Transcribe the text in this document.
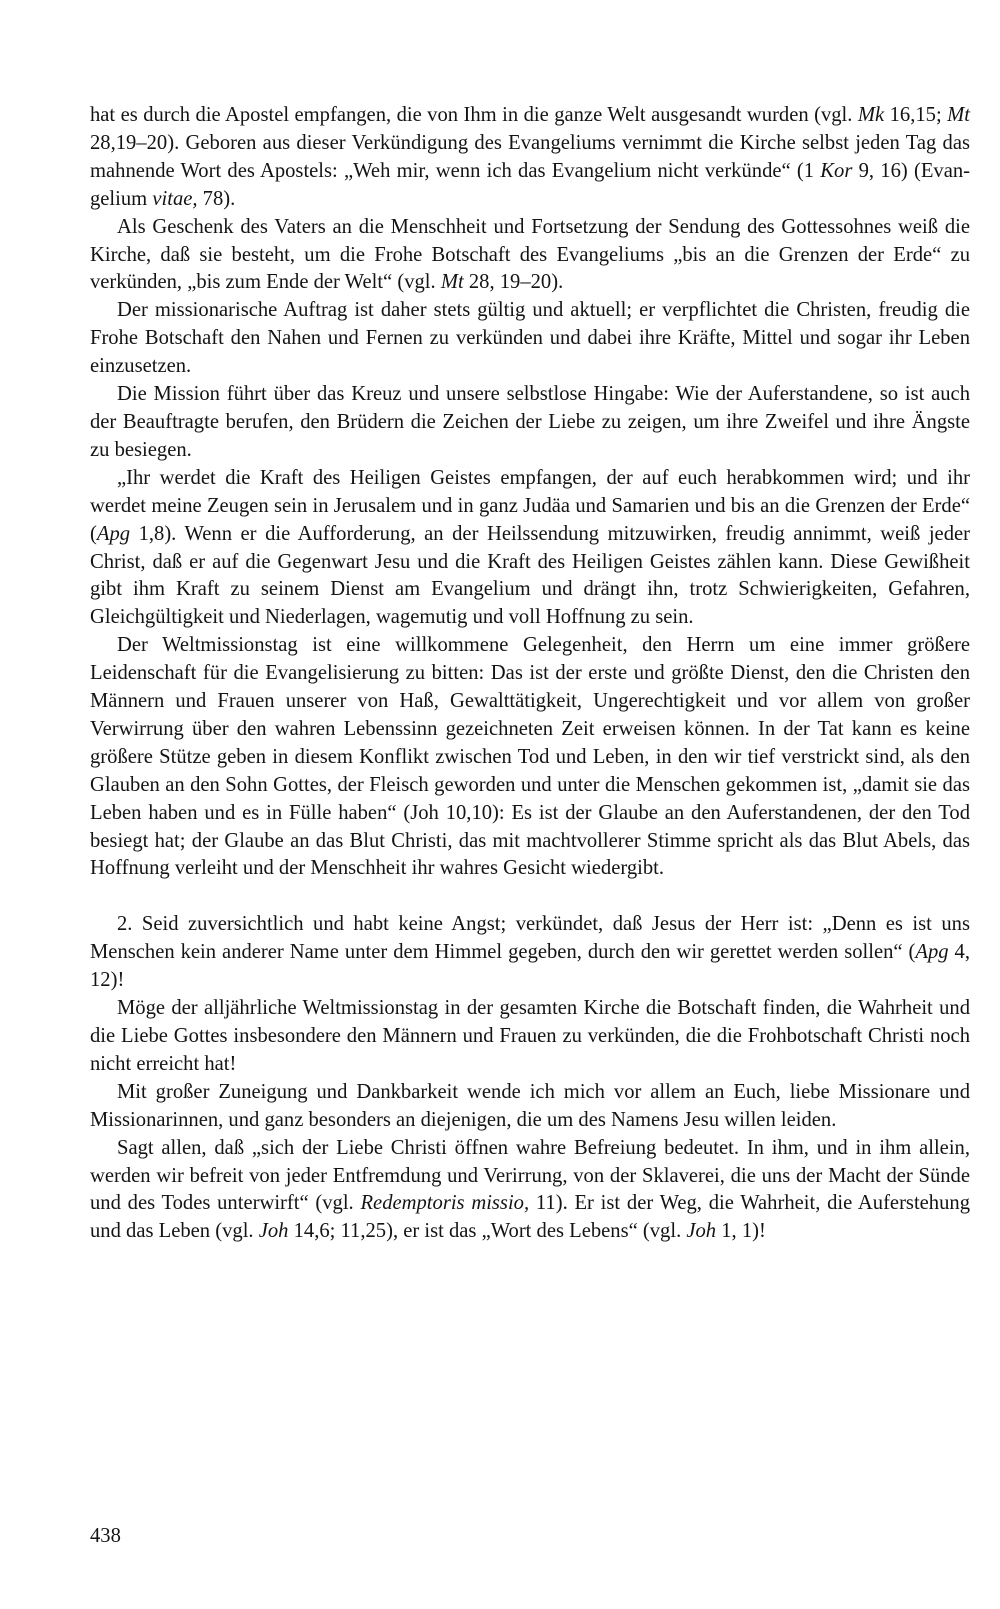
hat es durch die Apostel empfangen, die von Ihm in die ganze Welt ausgesandt wurden (vgl. Mk 16,15; Mt 28,19–20). Geboren aus dieser Verkündigung des Evangeliums vernimmt die Kirche selbst jeden Tag das mahnende Wort des Apostels: „Weh mir, wenn ich das Evangelium nicht verkünde“ (1 Kor 9, 16) (Evangelium vitae, 78).

Als Geschenk des Vaters an die Menschheit und Fortsetzung der Sendung des Gottessohnes weiß die Kirche, daß sie besteht, um die Frohe Botschaft des Evangeliums „bis an die Grenzen der Erde“ zu verkünden, „bis zum Ende der Welt“ (vgl. Mt 28, 19–20).

Der missionarische Auftrag ist daher stets gültig und aktuell; er verpflichtet die Christen, freudig die Frohe Botschaft den Nahen und Fernen zu verkünden und dabei ihre Kräfte, Mittel und sogar ihr Leben einzusetzen.

Die Mission führt über das Kreuz und unsere selbstlose Hingabe: Wie der Auferstandene, so ist auch der Beauftragte berufen, den Brüdern die Zeichen der Liebe zu zeigen, um ihre Zweifel und ihre Ängste zu besiegen.

„Ihr werdet die Kraft des Heiligen Geistes empfangen, der auf euch herabkommen wird; und ihr werdet meine Zeugen sein in Jerusalem und in ganz Judäa und Samarien und bis an die Grenzen der Erde“ (Apg 1,8). Wenn er die Aufforderung, an der Heilssendung mitzuwirken, freudig annimmt, weiß jeder Christ, daß er auf die Gegenwart Jesu und die Kraft des Heiligen Geistes zählen kann. Diese Gewißheit gibt ihm Kraft zu seinem Dienst am Evangelium und drängt ihn, trotz Schwierigkeiten, Gefahren, Gleichgültigkeit und Niederlagen, wagemutig und voll Hoffnung zu sein.

Der Weltmissionstag ist eine willkommene Gelegenheit, den Herrn um eine immer größere Leidenschaft für die Evangelisierung zu bitten: Das ist der erste und größte Dienst, den die Christen den Männern und Frauen unserer von Haß, Gewalttätigkeit, Ungerechtigkeit und vor allem von großer Verwirrung über den wahren Lebenssinn gezeichneten Zeit erweisen können. In der Tat kann es keine größere Stütze geben in diesem Konflikt zwischen Tod und Leben, in den wir tief verstrickt sind, als den Glauben an den Sohn Gottes, der Fleisch geworden und unter die Menschen gekommen ist, „damit sie das Leben haben und es in Fülle haben“ (Joh 10,10): Es ist der Glaube an den Auferstandenen, der den Tod besiegt hat; der Glaube an das Blut Christi, das mit machtvollerer Stimme spricht als das Blut Abels, das Hoffnung verleiht und der Menschheit ihr wahres Gesicht wiedergibt.

2. Seid zuversichtlich und habt keine Angst; verkündet, daß Jesus der Herr ist: „Denn es ist uns Menschen kein anderer Name unter dem Himmel gegeben, durch den wir gerettet werden sollen“ (Apg 4, 12)!

Möge der alljährliche Weltmissionstag in der gesamten Kirche die Botschaft finden, die Wahrheit und die Liebe Gottes insbesondere den Männern und Frauen zu verkünden, die die Frohbotschaft Christi noch nicht erreicht hat!

Mit großer Zuneigung und Dankbarkeit wende ich mich vor allem an Euch, liebe Missionare und Missionarinnen, und ganz besonders an diejenigen, die um des Namens Jesu willen leiden.

Sagt allen, daß „sich der Liebe Christi öffnen wahre Befreiung bedeutet. In ihm, und in ihm allein, werden wir befreit von jeder Entfremdung und Verirrung, von der Sklaverei, die uns der Macht der Sünde und des Todes unterwirft“ (vgl. Redemptoris missio, 11). Er ist der Weg, die Wahrheit, die Auferstehung und das Leben (vgl. Joh 14,6; 11,25), er ist das „Wort des Lebens“ (vgl. Joh 1, 1)!

438
